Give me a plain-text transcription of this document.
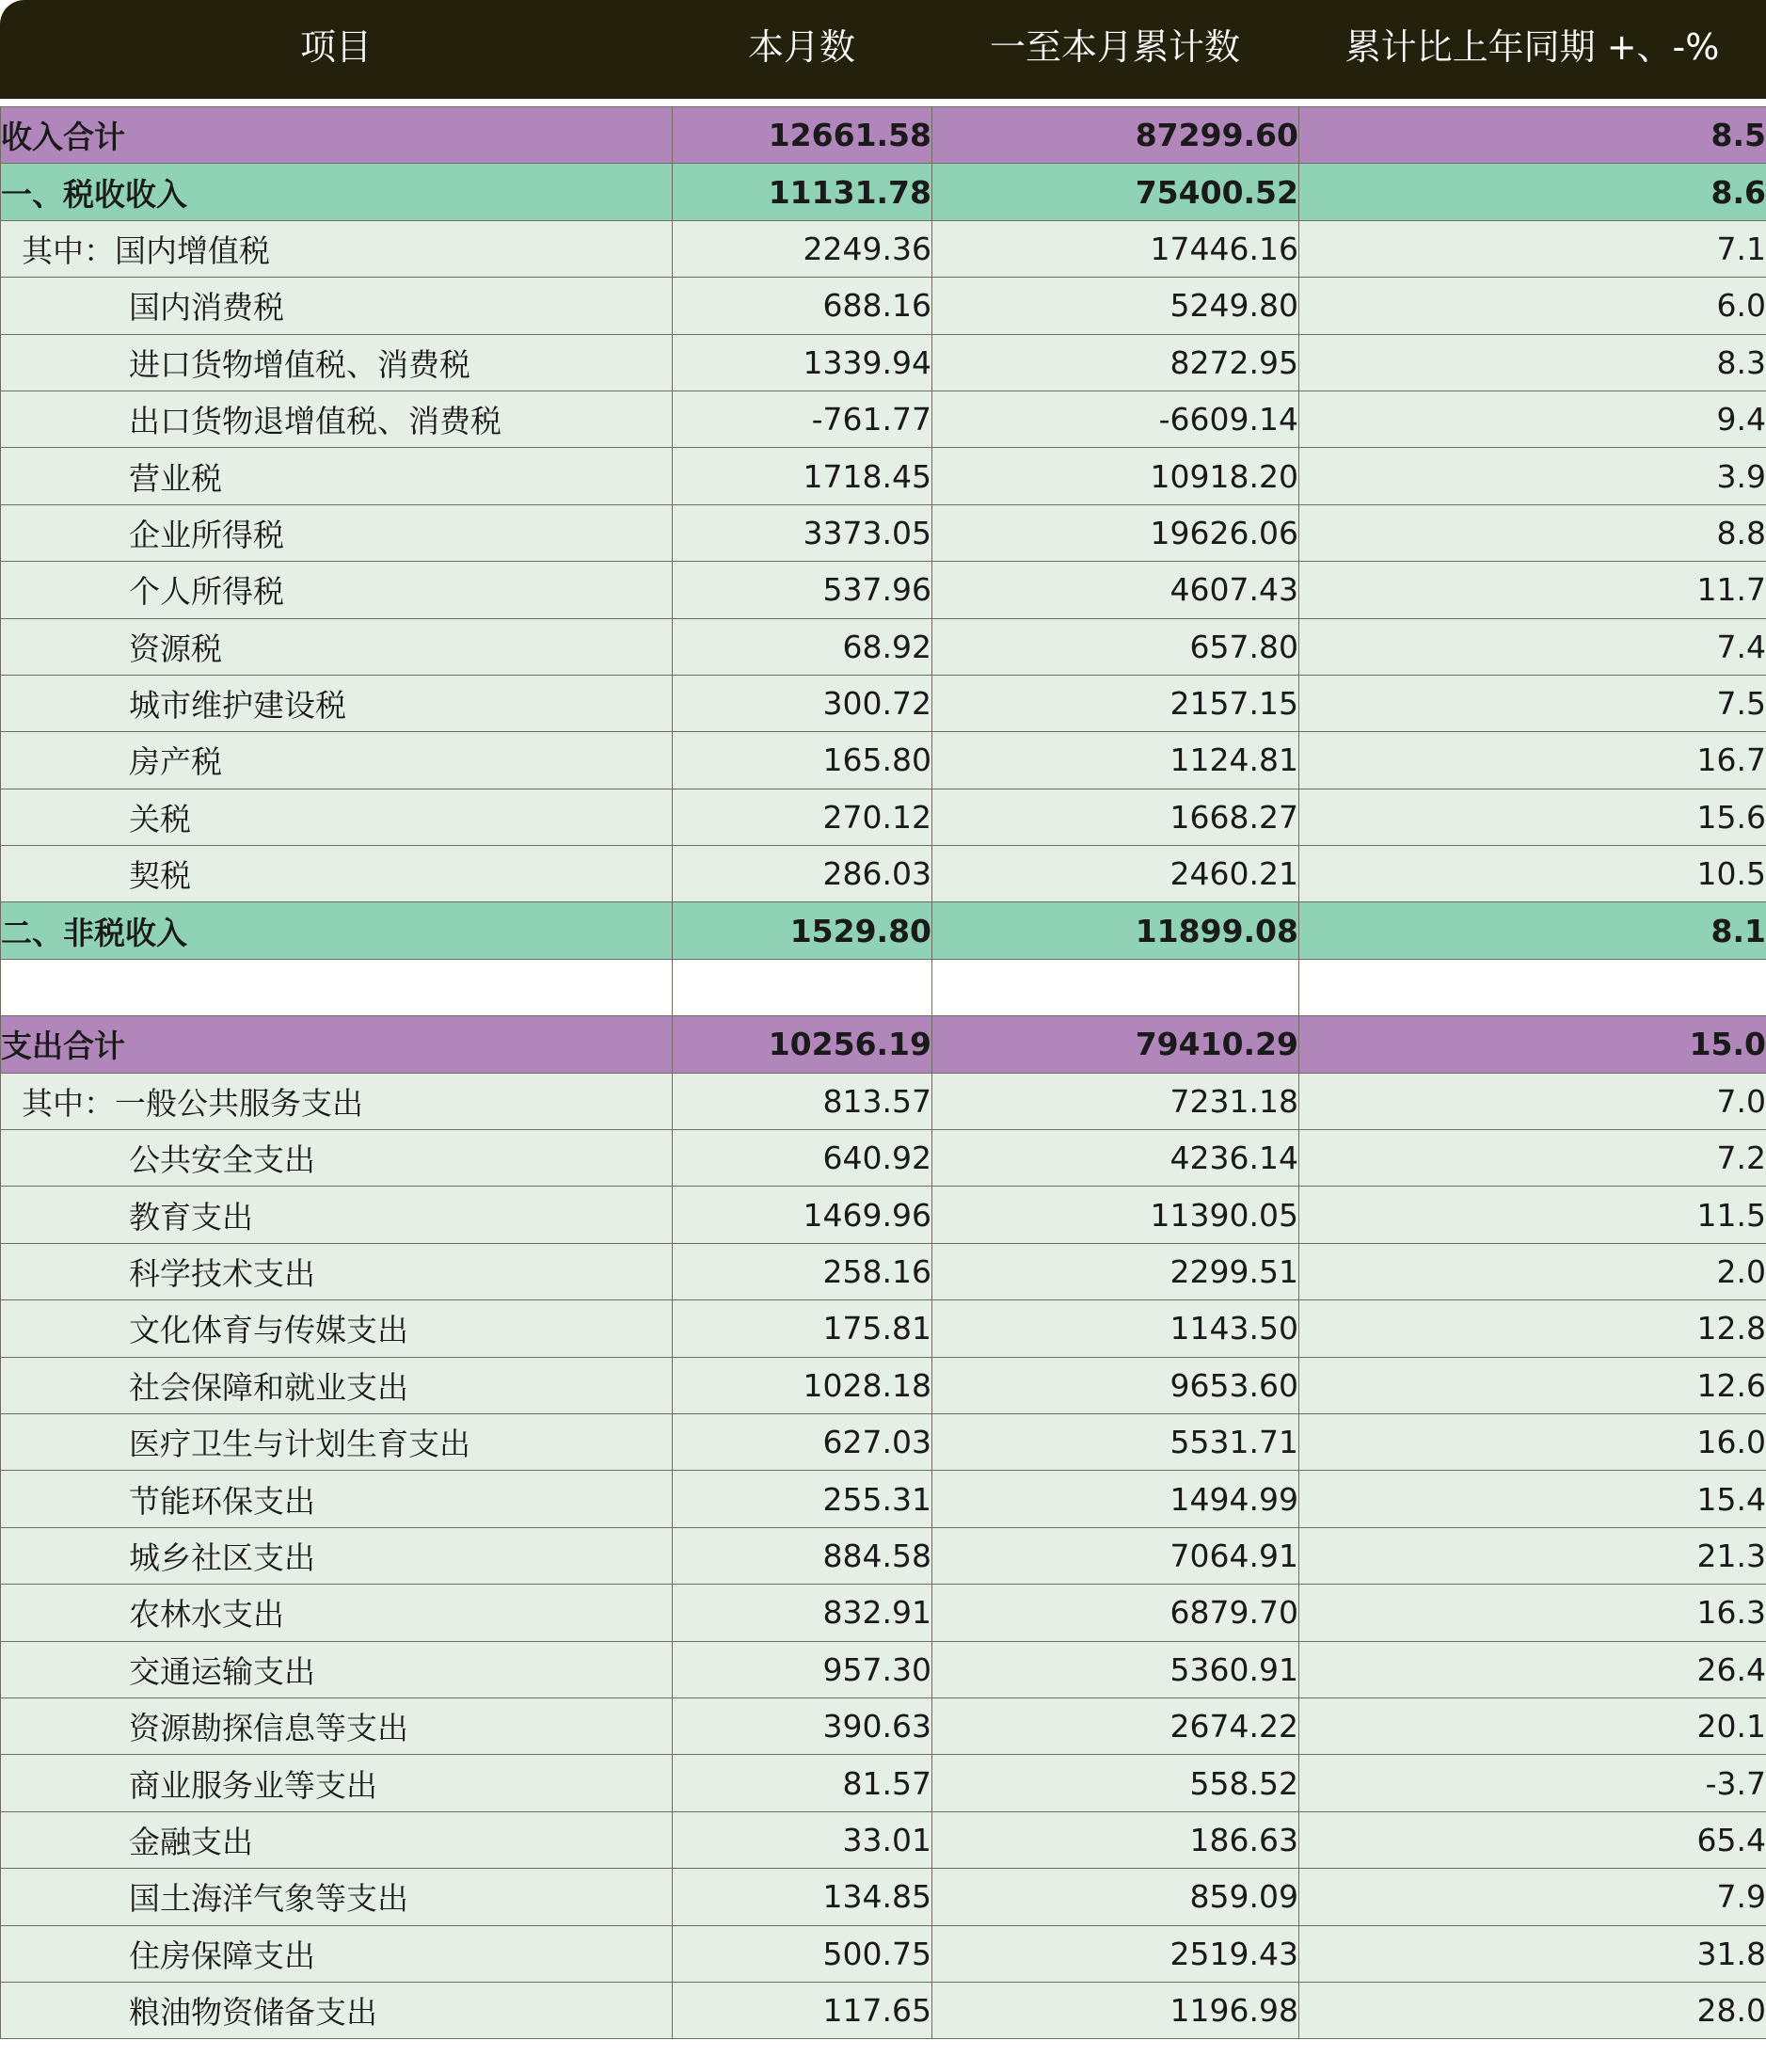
项目	本月数	一至本月累计数	累计比上年同期 +、-%
收入合计	12661.58	87299.60	8.5
一、税收收入	11131.78	75400.52	8.6
其中：国内增值税	2249.36	17446.16	7.1
国内消费税	688.16	5249.80	6.0
进口货物增值税、消费税	1339.94	8272.95	8.3
出口货物退增值税、消费税	-761.77	-6609.14	9.4
营业税	1718.45	10918.20	3.9
企业所得税	3373.05	19626.06	8.8
个人所得税	537.96	4607.43	11.7
资源税	68.92	657.80	7.4
城市维护建设税	300.72	2157.15	7.5
房产税	165.80	1124.81	16.7
关税	270.12	1668.27	15.6
契税	286.03	2460.21	10.5
二、非税收入	1529.80	11899.08	8.1

支出合计	10256.19	79410.29	15.0
其中：一般公共服务支出	813.57	7231.18	7.0
公共安全支出	640.92	4236.14	7.2
教育支出	1469.96	11390.05	11.5
科学技术支出	258.16	2299.51	2.0
文化体育与传媒支出	175.81	1143.50	12.8
社会保障和就业支出	1028.18	9653.60	12.6
医疗卫生与计划生育支出	627.03	5531.71	16.0
节能环保支出	255.31	1494.99	15.4
城乡社区支出	884.58	7064.91	21.3
农林水支出	832.91	6879.70	16.3
交通运输支出	957.30	5360.91	26.4
资源勘探信息等支出	390.63	2674.22	20.1
商业服务业等支出	81.57	558.52	-3.7
金融支出	33.01	186.63	65.4
国土海洋气象等支出	134.85	859.09	7.9
住房保障支出	500.75	2519.43	31.8
粮油物资储备支出	117.65	1196.98	28.0
